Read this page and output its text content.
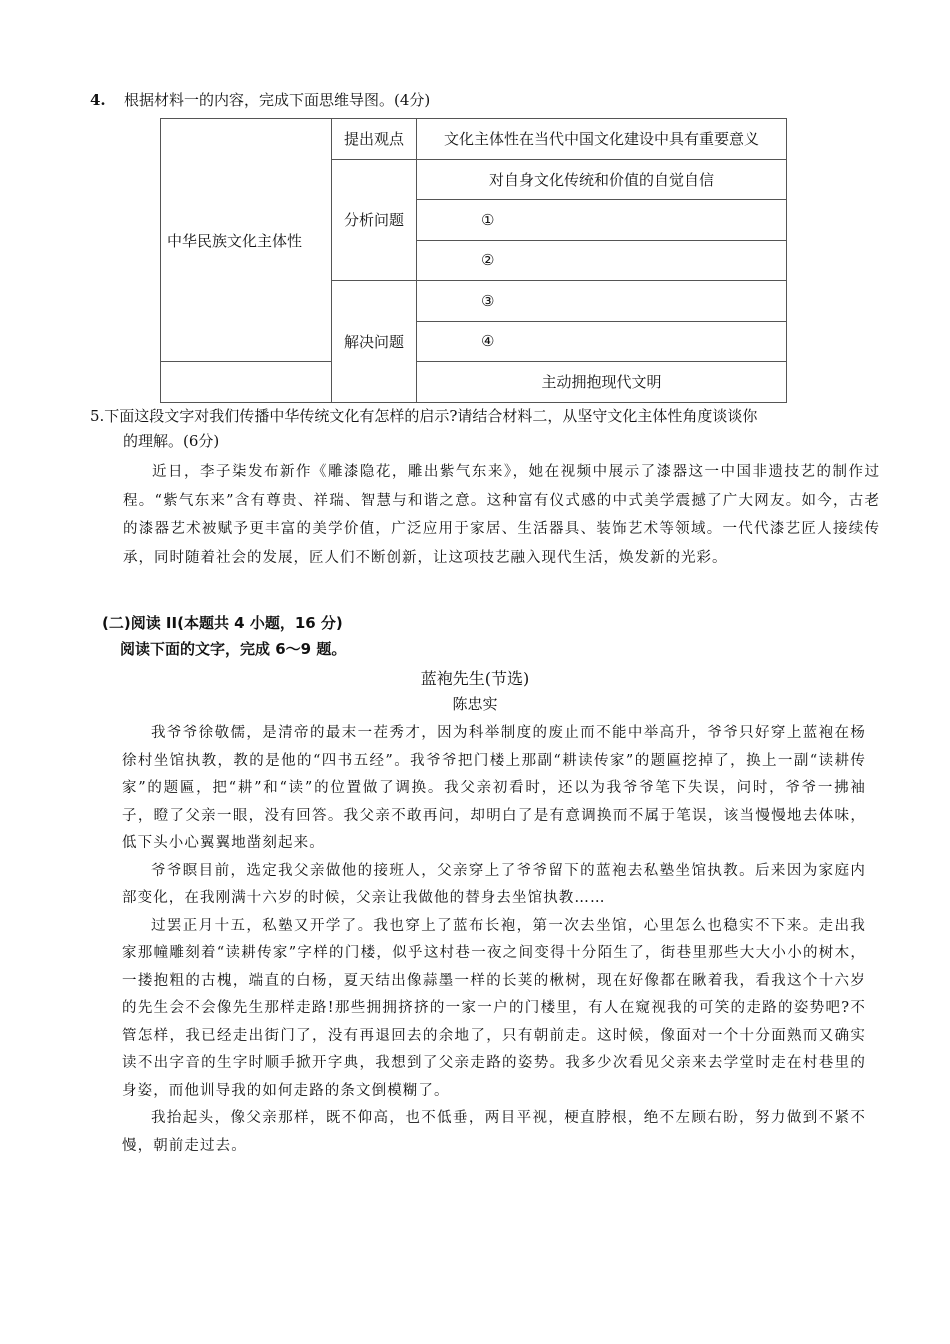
4. 根据材料一的内容，完成下面思维导图。(4分)
中华民族文化主体性	提出观点	文化主体性在当代中国文化建设中具有重要意义
	分析问题	对自身文化传统和价值的自觉自信
		①
		②
	解决问题	③
		④
		主动拥抱现代文明
5.下面这段文字对我们传播中华传统文化有怎样的启示?请结合材料二，从坚守文化主体性角度谈谈你
的理解。(6分)
近日，李子柒发布新作《雕漆隐花，雕出紫气东来》，她在视频中展示了漆器这一中国非遗技艺的制作过程。“紫气东来”含有尊贵、祥瑞、智慧与和谐之意。这种富有仪式感的中式美学震撼了广大网友。如今，古老的漆器艺术被赋予更丰富的美学价值，广泛应用于家居、生活器具、装饰艺术等领域。一代代漆艺匠人接续传承，同时随着社会的发展，匠人们不断创新，让这项技艺融入现代生活，焕发新的光彩。
(二)阅读 II(本题共 4 小题，16 分)
阅读下面的文字，完成 6～9 题。
蓝袍先生(节选)
陈忠实

我爷爷徐敬儒，是清帝的最末一茬秀才，因为科举制度的废止而不能中举高升，爷爷只好穿上蓝袍在杨徐村坐馆执教，教的是他的“四书五经”。我爷爷把门楼上那副“耕读传家”的题匾挖掉了，换上一副“读耕传家”的题匾，把“耕”和“读”的位置做了调换。我父亲初看时，还以为我爷爷笔下失误，问时，爷爷一拂袖子，瞪了父亲一眼，没有回答。我父亲不敢再问，却明白了是有意调换而不属于笔误，该当慢慢地去体味，低下头小心翼翼地凿刻起来。

爷爷瞑目前，选定我父亲做他的接班人，父亲穿上了爷爷留下的蓝袍去私塾坐馆执教。后来因为家庭内部变化，在我刚满十六岁的时候，父亲让我做他的替身去坐馆执教……

过罢正月十五，私塾又开学了。我也穿上了蓝布长袍，第一次去坐馆，心里怎么也稳实不下来。走出我家那幢雕刻着“读耕传家”字样的门楼，似乎这村巷一夜之间变得十分陌生了，街巷里那些大大小小的树木，一搂抱粗的古槐，端直的白杨，夏天结出像蒜墨一样的长荚的楸树，现在好像都在瞅着我，看我这个十六岁的先生会不会像先生那样走路!那些拥拥挤挤的一家一户的门楼里，有人在窥视我的可笑的走路的姿势吧?不管怎样，我已经走出街门了，没有再退回去的余地了，只有朝前走。这时候，像面对一个十分面熟而又确实读不出字音的生字时顺手掀开字典，我想到了父亲走路的姿势。我多少次看见父亲来去学堂时走在村巷里的身姿，而他训导我的如何走路的条文倒模糊了。

我抬起头，像父亲那样，既不仰高，也不低垂，两目平视，梗直脖根，绝不左顾右盼，努力做到不紧不慢，朝前走过去。
